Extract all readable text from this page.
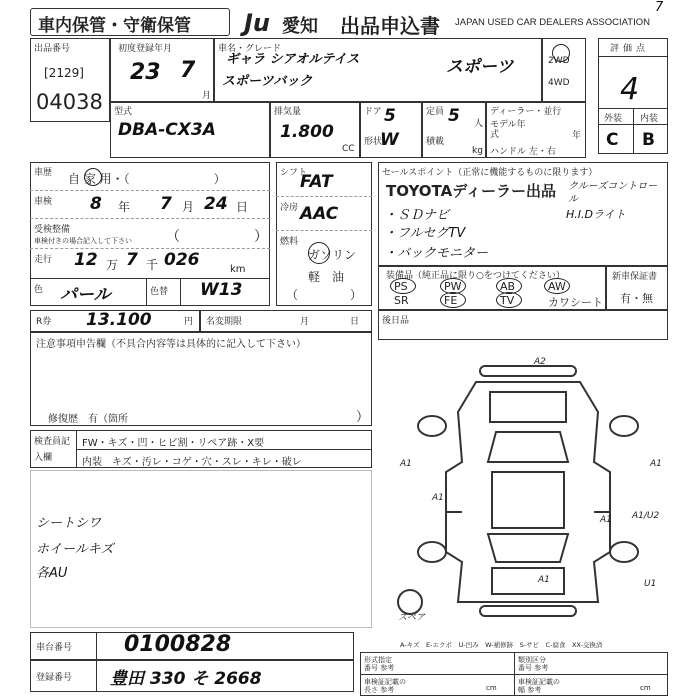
車内保管・守衛保管 Ju 愛知 出品申込書 JAPAN USED CAR DEALERS ASSOCIATION
出品番号
[2129]
04038
初度登録年月
23 7
月
車名・グレード
ギャラ シアオルテイス
スポーツバック
スポーツ	2WD
4WD
評価点
4
外装 内装
C B
7
型式
DBA-CX3A
排気量
1.800
CC
ドア 5
形状
W
定員 5 人
積載
kg
ディーラー・並行
モデル年式	年
ハンドル 左・右
車歴 自 家 用・（　　　　　　　）
車検 8 年 7 月 24 日
受検整備
車検付きの場合記入して下さい （	）
走行 12 万 7 千 026	km
色 パール	色替 W13
シフト
FAT
冷房 AAC
燃料
ガソリン
軽　油
（	）
セールスポイント（正常に機能するものに限ります）
TOYOTAディーラー出品 クルーズコントロール
・ＳＤナビ	H.I.Dライト
・フルセグTV
・バックモニター
装備品（純正品に限り○をつけてください）
PS	PW	AB	AW
SR	FE	TV	カワシート
新車保証書
有・無
R券 13.100	円 名変期限	月	日
注意事項申告欄（不具合内容等は具体的に記入して下さい）
修復歴　有（箇所	）
後日品
検査員記入欄
FW・キズ・凹・ヒビ割・リペア跡・X要
内装 キズ・汚レ・コゲ・穴・スレ・キレ・破レ
シートシワ
ホイールキズ
各AU
A2
A1	A1
A1
A1
A1	U1
A1/U2
スペア
A-キズ　E-エクボ　U-凹み　W-補修跡　S-サビ　C-腐食　XX-交換済
車台番号 0100828
登録番号 豊田 330 そ 2668
形式指定番号 参考
類別区分番号 参考
車検証記載の長さ 参考
車検証記載の幅 参考
cm	cm
